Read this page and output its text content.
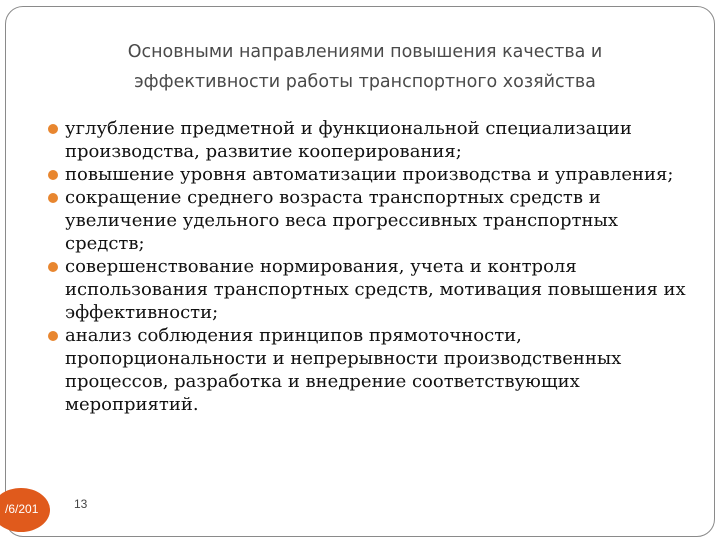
Основными направлениями повышения качества и
эффективности работы транспортного хозяйства
углубление предметной и функциональной специализации производства, развитие кооперирования;
повышение уровня автоматизации производства и управления;
сокращение среднего возраста транспортных средств и увеличение удельного веса прогрессивных транспортных средств;
совершенствование нормирования, учета и контроля использования транспортных средств, мотивация повышения их эффективности;
анализ соблюдения принципов прямоточности, пропорциональности и непрерывности производственных процессов, разработка и внедрение соответствующих мероприятий.
/6/201	13
